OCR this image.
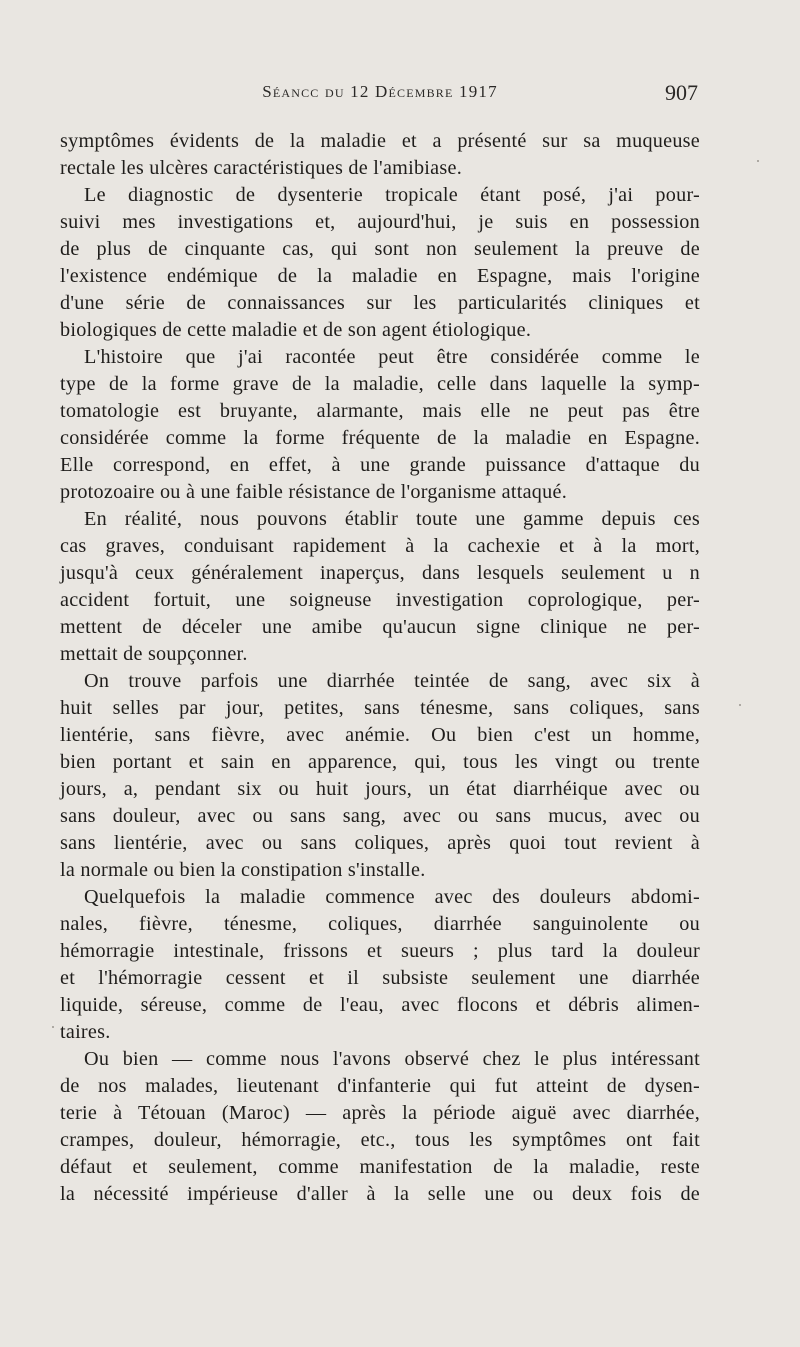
Séancc du 12 Décembre 1917	907
symptômes évidents de la maladie et a présenté sur sa muqueuse
rectale les ulcères caractéristiques de l'amibiase.
Le diagnostic de dysenterie tropicale étant posé, j'ai pour-
suivi mes investigations et, aujourd'hui, je suis en possession
de plus de cinquante cas, qui sont non seulement la preuve de
l'existence endémique de la maladie en Espagne, mais l'origine
d'une série de connaissances sur les particularités cliniques et
biologiques de cette maladie et de son agent étiologique.
L'histoire que j'ai racontée peut être considérée comme le
type de la forme grave de la maladie, celle dans laquelle la symp-
tomatologie est bruyante, alarmante, mais elle ne peut pas être
considérée comme la forme fréquente de la maladie en Espagne.
Elle correspond, en effet, à une grande puissance d'attaque du
protozoaire ou à une faible résistance de l'organisme attaqué.
En réalité, nous pouvons établir toute une gamme depuis ces
cas graves, conduisant rapidement à la cachexie et à la mort,
jusqu'à ceux généralement inaperçus, dans lesquels seulement u n
accident fortuit, une soigneuse investigation coprologique, per-
mettent de déceler une amibe qu'aucun signe clinique ne per-
mettait de soupçonner.
On trouve parfois une diarrhée teintée de sang, avec six à
huit selles par jour, petites, sans ténesme, sans coliques, sans
lientérie, sans fièvre, avec anémie. Ou bien c'est un homme,
bien portant et sain en apparence, qui, tous les vingt ou trente
jours, a, pendant six ou huit jours, un état diarrhéique avec ou
sans douleur, avec ou sans sang, avec ou sans mucus, avec ou
sans lientérie, avec ou sans coliques, après quoi tout revient à
la normale ou bien la constipation s'installe.
Quelquefois la maladie commence avec des douleurs abdomi-
nales, fièvre, ténesme, coliques, diarrhée sanguinolente ou
hémorragie intestinale, frissons et sueurs ; plus tard la douleur
et l'hémorragie cessent et il subsiste seulement une diarrhée
liquide, séreuse, comme de l'eau, avec flocons et débris alimen-
taires.
Ou bien — comme nous l'avons observé chez le plus intéressant
de nos malades, lieutenant d'infanterie qui fut atteint de dysen-
terie à Tétouan (Maroc) — après la période aiguë avec diarrhée,
crampes, douleur, hémorragie, etc., tous les symptômes ont fait
défaut et seulement, comme manifestation de la maladie, reste
la nécessité impérieuse d'aller à la selle une ou deux fois de
